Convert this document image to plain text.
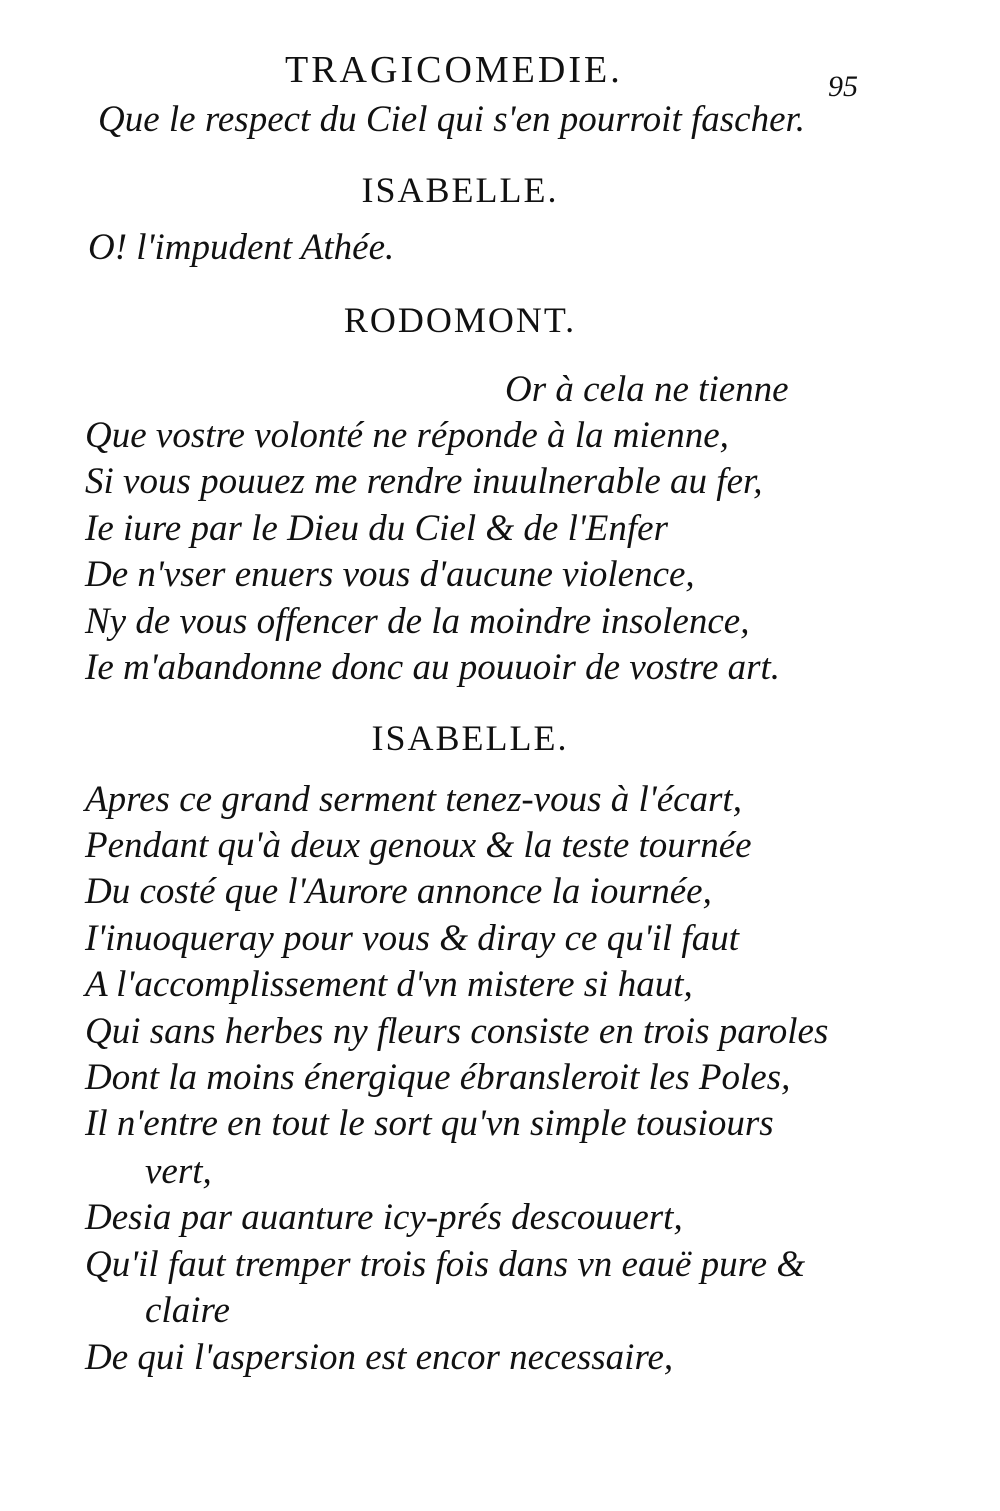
TRAGICOMEDIE.	95
Que le respect du Ciel qui s'en pourroit fascher.
ISABELLE.
O! l'impudent Athée.
RODOMONT.
Or à cela ne tienne
Que vostre volonté ne réponde à la mienne,
Si vous pouuez me rendre inuulnerable au fer,
Ie iure par le Dieu du Ciel & de l'Enfer
De n'vser enuers vous d'aucune violence,
Ny de vous offencer de la moindre insolence,
Ie m'abandonne donc au pouuoir de vostre art.
ISABELLE.
Apres ce grand serment tenez-vous à l'écart,
Pendant qu'à deux genoux & la teste tournée
Du costé que l'Aurore annonce la iournée,
I'inuoqueray pour vous & diray ce qu'il faut
A l'accomplissement d'vn mistere si haut,
Qui sans herbes ny fleurs consiste en trois paroles
Dont la moins énergique ébransleroit les Poles,
Il n'entre en tout le sort qu'vn simple tousiours
vert,
Desia par auanture icy-prés descouuert,
Qu'il faut tremper trois fois dans vn eauë pure &
claire
De qui l'aspersion est encor necessaire,
